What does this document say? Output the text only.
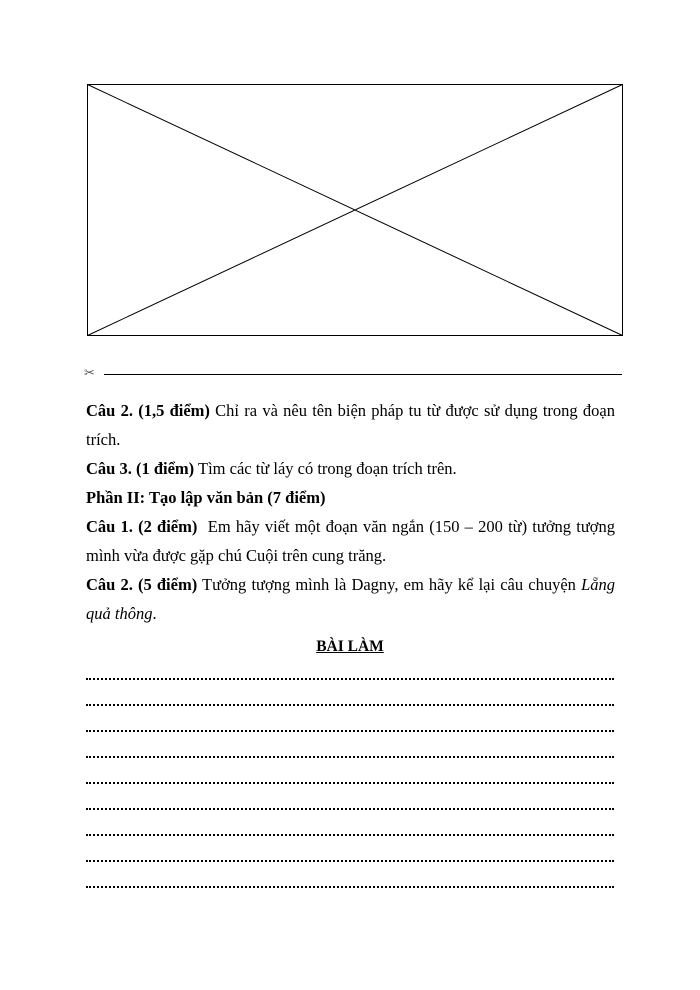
✂

Câu 2. (1,5 điểm) Chỉ ra và nêu tên biện pháp tu từ được sử dụng trong đoạn trích.

Câu 3. (1 điểm) Tìm các từ láy có trong đoạn trích trên.

Phần II: Tạo lập văn bản (7 điểm)

Câu 1. (2 điểm)  Em hãy viết một đoạn văn ngắn (150 – 200 từ) tưởng tượng mình vừa được gặp chú Cuội trên cung trăng.

Câu 2. (5 điểm) Tưởng tượng mình là Dagny, em hãy kể lại câu chuyện Lẵng quả thông.

BÀI LÀM
